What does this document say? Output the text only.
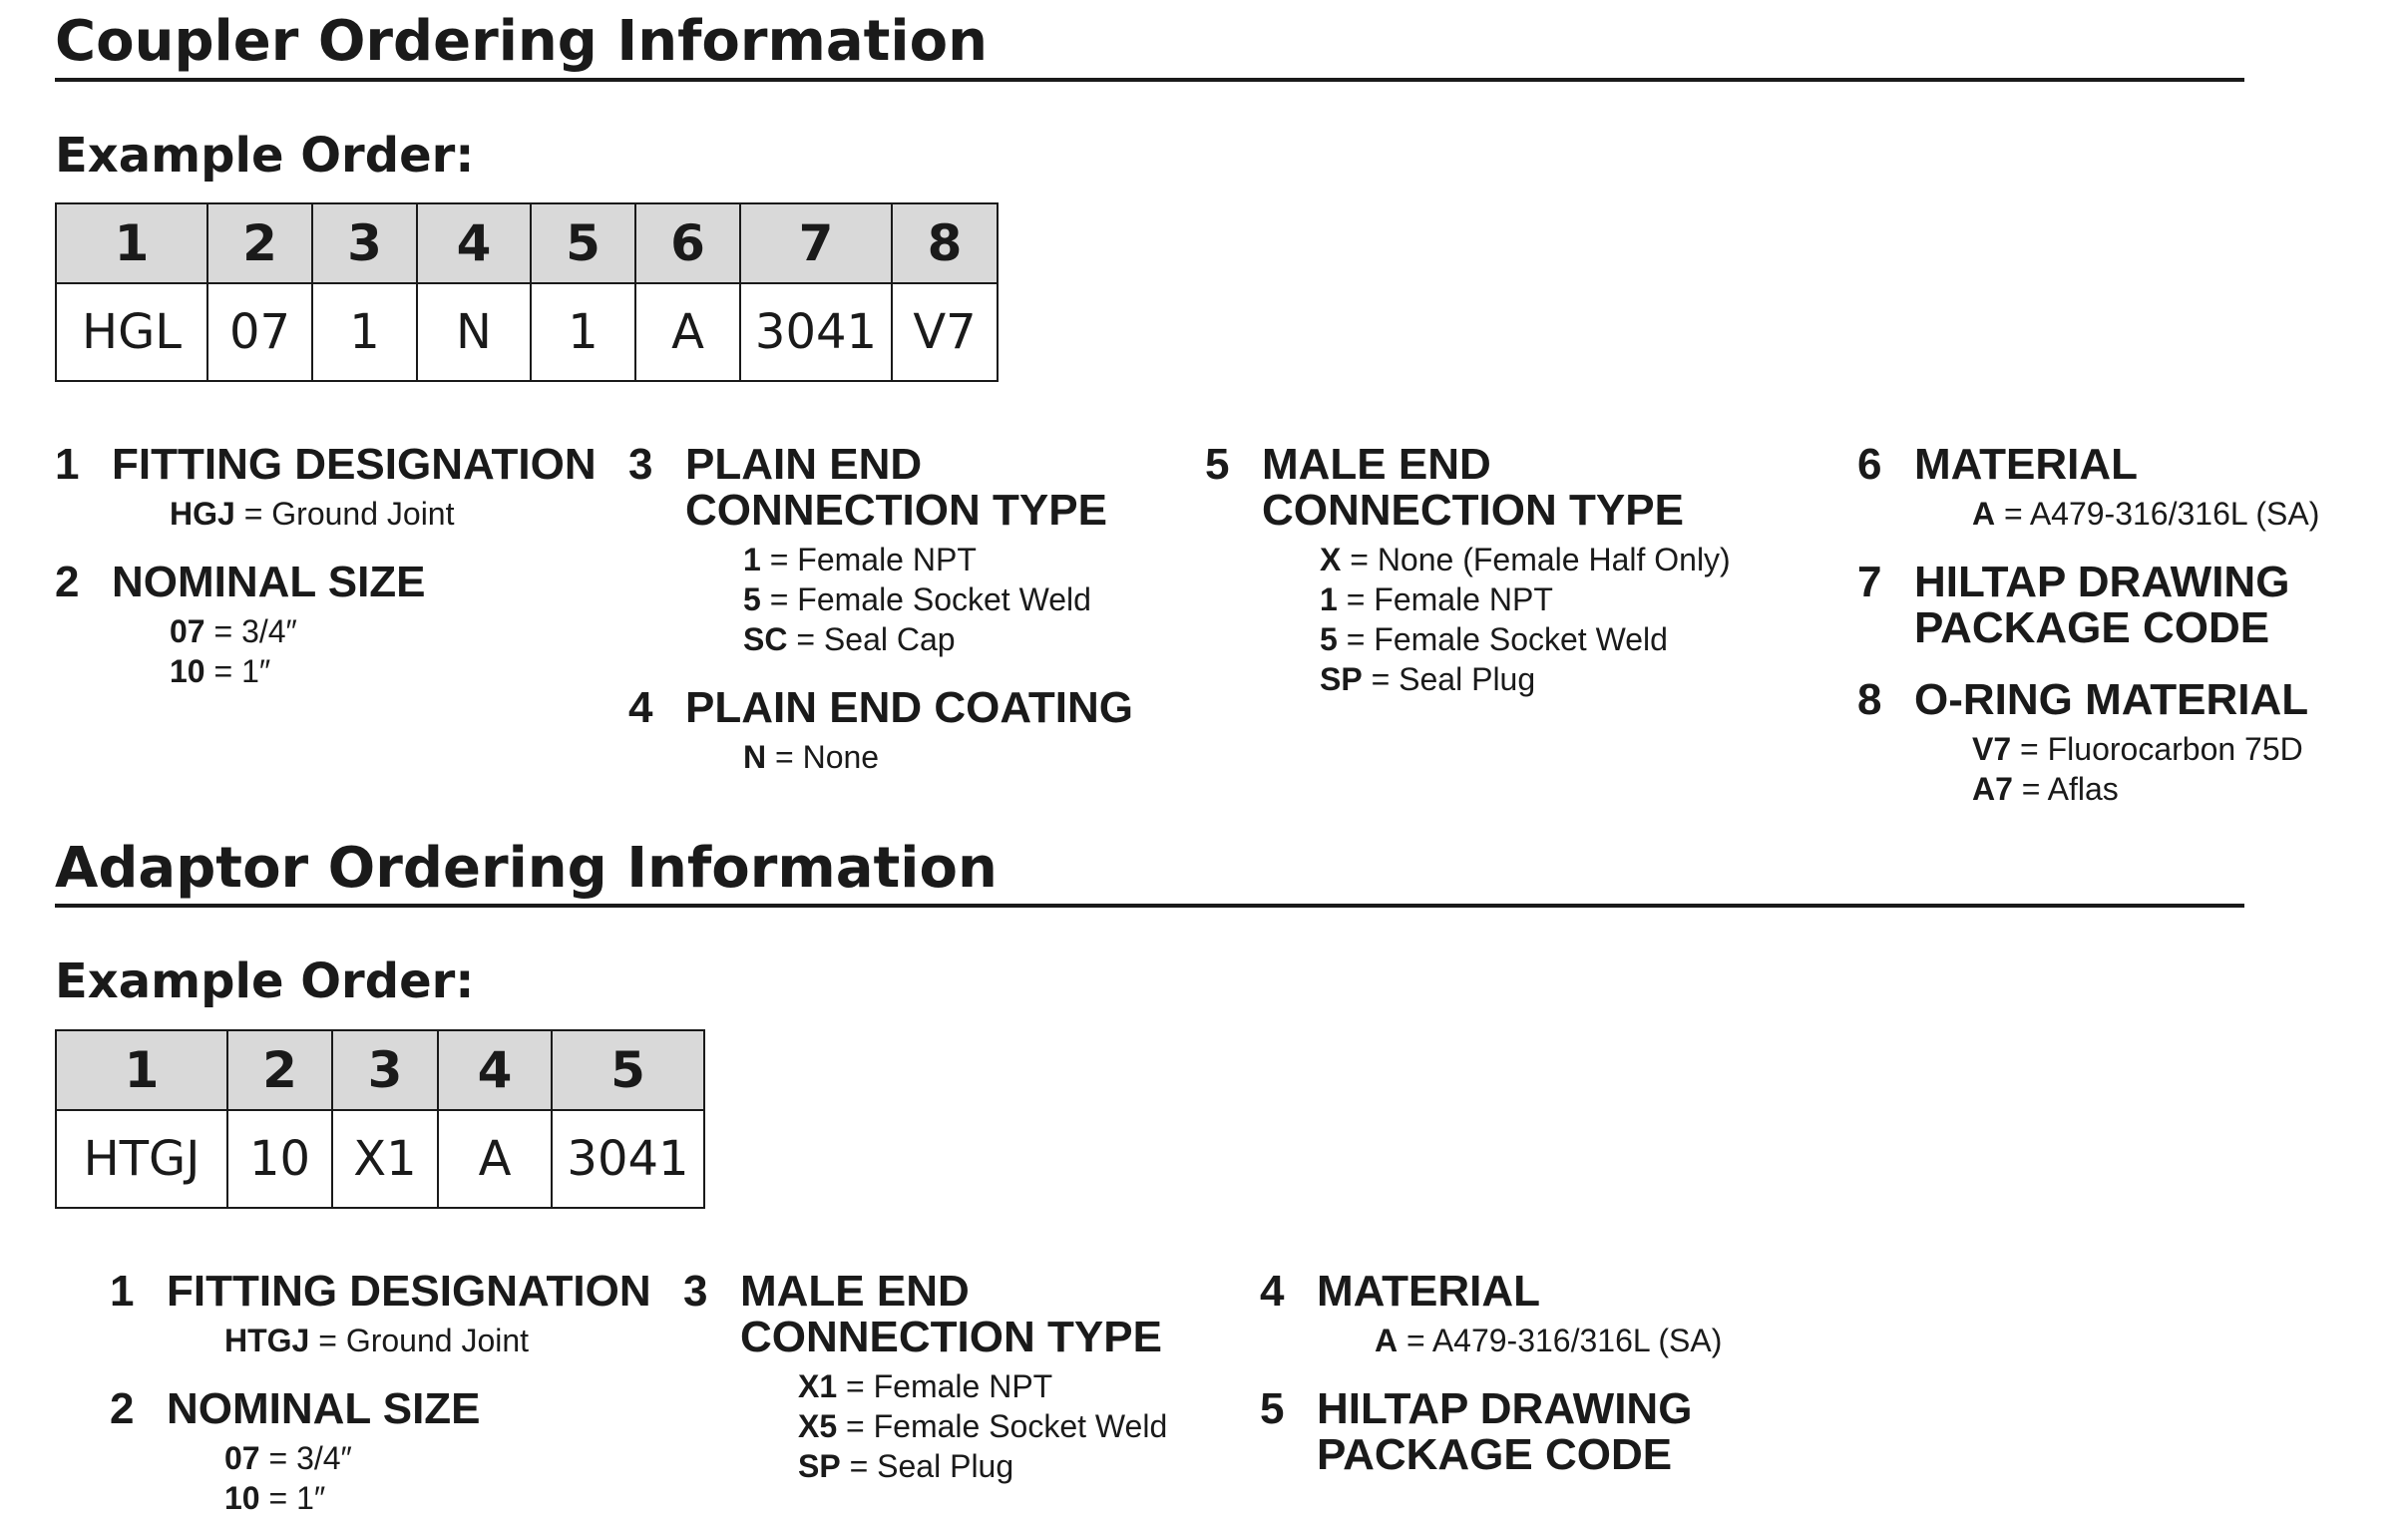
Coupler Ordering Information
Example Order:
1	2	3	4	5	6	7	8
HGL	07	1	N	1	A	3041	V7
1 FITTING DESIGNATION
HGJ = Ground Joint
2 NOMINAL SIZE
07 = 3/4″
10 = 1″
3 PLAIN END
CONNECTION TYPE
1 = Female NPT
5 = Female Socket Weld
SC = Seal Cap
4 PLAIN END COATING
N = None
5 MALE END
CONNECTION TYPE
X = None (Female Half Only)
1 = Female NPT
5 = Female Socket Weld
SP = Seal Plug
6 MATERIAL
A = A479-316/316L (SA)
7 HILTAP DRAWING
PACKAGE CODE
8 O-RING MATERIAL
V7 = Fluorocarbon 75D
A7 = Aflas
Adaptor Ordering Information
Example Order:
1	2	3	4	5
HTGJ	10	X1	A	3041
1 FITTING DESIGNATION
HTGJ = Ground Joint
2 NOMINAL SIZE
07 = 3/4″
10 = 1″
3 MALE END
CONNECTION TYPE
X1 = Female NPT
X5 = Female Socket Weld
SP = Seal Plug
4 MATERIAL
A = A479-316/316L (SA)
5 HILTAP DRAWING
PACKAGE CODE
